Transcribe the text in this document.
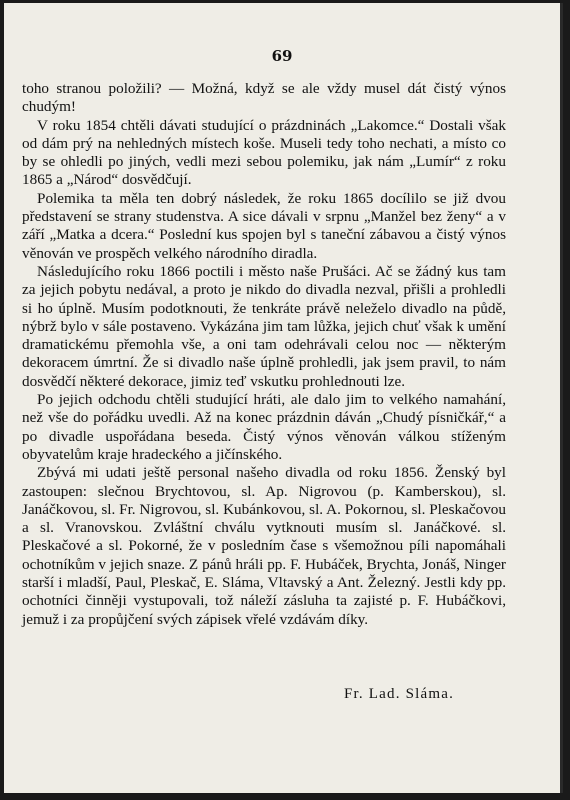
69

toho stranou položili? — Možná, když se ale vždy musel dát čistý výnos chudým!

V roku 1854 chtěli dávati studující o prázdninách „Lakomce.“ Dostali však od dám prý na nehledných místech koše. Museli tedy toho nechati, a místo co by se ohledli po jiných, vedli mezi sebou polemiku, jak nám „Lumír“ z roku 1865 a „Národ“ dosvědčují.

Polemika ta měla ten dobrý následek, že roku 1865 docílilo se již dvou představení se strany studenstva. A sice dávali v srpnu „Manžel bez ženy“ a v září „Matka a dcera.“ Poslední kus spojen byl s taneční zábavou a čistý výnos věnován ve prospěch velkého národního diradla.

Následujícího roku 1866 poctili i město naše Prušáci. Ač se žádný kus tam za jejich pobytu nedával, a proto je nikdo do divadla nezval, přišli a prohledli si ho úplně. Musím podotknouti, že tenkráte právě neleželo divadlo na půdě, nýbrž bylo v sále postaveno. Vykázána jim tam lůžka, jejich chuť však k umění dramatickému přemohla vše, a oni tam odehrávali celou noc — některým dekoracem úmrtní. Že si divadlo naše úplně prohledli, jak jsem pravil, to nám dosvědčí některé dekorace, jimiz teď vskutku prohlednouti lze.

Po jejich odchodu chtěli studující hráti, ale dalo jim to velkého namahání, než vše do pořádku uvedli. Až na konec prázdnin dáván „Chudý písničkář,“ a po divadle uspořádana beseda. Čistý výnos věnován válkou stíženým obyvatelům kraje hradeckého a jičínského.

Zbývá mi udati ještě personal našeho divadla od roku 1856. Ženský byl zastoupen: slečnou Brychtovou, sl. Ap. Nigrovou (p. Kamberskou), sl. Janáčkovou, sl. Fr. Nigrovou, sl. Kubánkovou, sl. A. Pokornou, sl. Pleskačovou a sl. Vranovskou. Zvláštní chválu vytknouti musím sl. Janáčkové. sl. Pleskačové a sl. Pokorné, že v posledním čase s všemožnou píli napomáhali ochotníkům v jejich snaze. Z pánů hráli pp. F. Hubáček, Brychta, Jonáš, Ninger starší i mladší, Paul, Pleskač, E. Sláma, Vltavský a Ant. Železný. Jestli kdy pp. ochotníci činněji vystupovali, tož náleží zásluha ta zajisté p. F. Hubáčkovi, jemuž i za propůjčení svých zápisek vřelé vzdávám díky.

Fr. Lad. Sláma.
